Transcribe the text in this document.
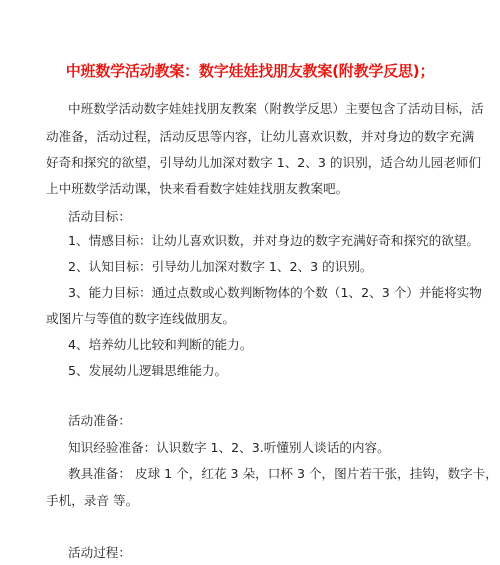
中班数学活动教案：数字娃娃找朋友教案(附教学反思)；
中班数学活动数字娃娃找朋友教案（附教学反思）主要包含了活动目标，活
动准备，活动过程，活动反思等内容，让幼儿喜欢识数，并对身边的数字充满
好奇和探究的欲望，引导幼儿加深对数字 1、2、3 的识别，适合幼儿园老师们
上中班数学活动课，快来看看数字娃娃找朋友教案吧。
活动目标：
1、情感目标：让幼儿喜欢识数，并对身边的数字充满好奇和探究的欲望。
2、认知目标：引导幼儿加深对数字 1、2、3 的识别。
3、能力目标：通过点数或心数判断物体的个数（1、2、3 个）并能将实物
或图片与等值的数字连线做朋友。
4、培养幼儿比较和判断的能力。
5、发展幼儿逻辑思维能力。
活动准备：
知识经验准备：认识数字 1、2、3.听懂别人谈话的内容。
教具准备： 皮球 1 个，红花 3 朵，口杯 3 个，图片若干张，挂钩，数字卡，
手机，录音 等。
活动过程：
